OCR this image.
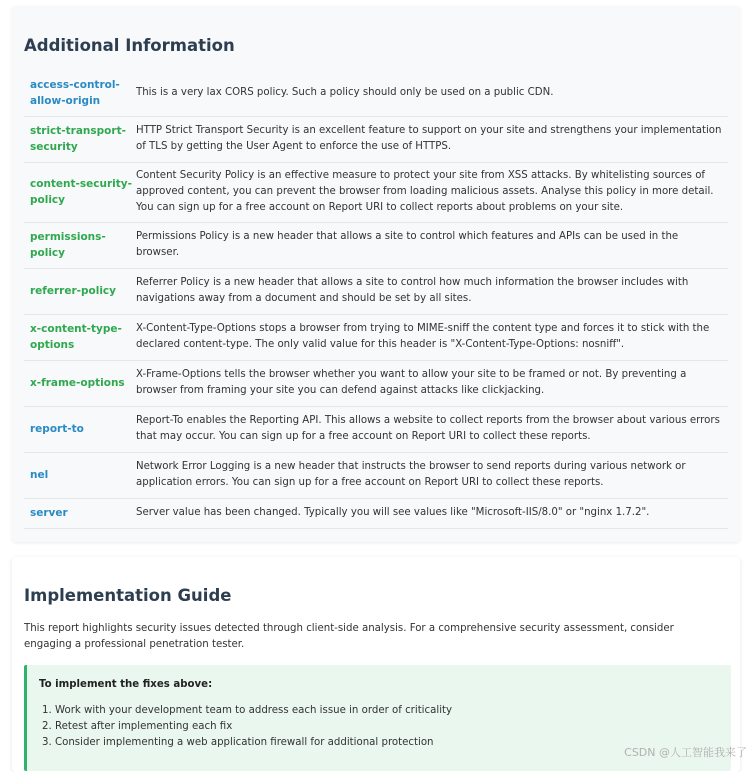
Additional Information
access-control-
allow-origin	This is a very lax CORS policy. Such a policy should only be used on a public CDN.
strict-transport-
security	HTTP Strict Transport Security is an excellent feature to support on your site and strengthens your implementation of TLS by getting the User Agent to enforce the use of HTTPS.
content-security-
policy	Content Security Policy is an effective measure to protect your site from XSS attacks. By whitelisting sources of approved content, you can prevent the browser from loading malicious assets. Analyse this policy in more detail. You can sign up for a free account on Report URI to collect reports about problems on your site.
permissions-
policy	Permissions Policy is a new header that allows a site to control which features and APIs can be used in the browser.
referrer-policy	Referrer Policy is a new header that allows a site to control how much information the browser includes with navigations away from a document and should be set by all sites.
x-content-type-
options	X-Content-Type-Options stops a browser from trying to MIME-sniff the content type and forces it to stick with the declared content-type. The only valid value for this header is "X-Content-Type-Options: nosniff".
x-frame-options	X-Frame-Options tells the browser whether you want to allow your site to be framed or not. By preventing a browser from framing your site you can defend against attacks like clickjacking.
report-to	Report-To enables the Reporting API. This allows a website to collect reports from the browser about various errors that may occur. You can sign up for a free account on Report URI to collect these reports.
nel	Network Error Logging is a new header that instructs the browser to send reports during various network or application errors. You can sign up for a free account on Report URI to collect these reports.
server	Server value has been changed. Typically you will see values like "Microsoft-IIS/8.0" or "nginx 1.7.2".
Implementation Guide

This report highlights security issues detected through client-side analysis. For a comprehensive security assessment, consider engaging a professional penetration tester.

To implement the fixes above:
1. Work with your development team to address each issue in order of criticality
2. Retest after implementing each fix
3. Consider implementing a web application firewall for additional protection
CSDN @人工智能我来了
